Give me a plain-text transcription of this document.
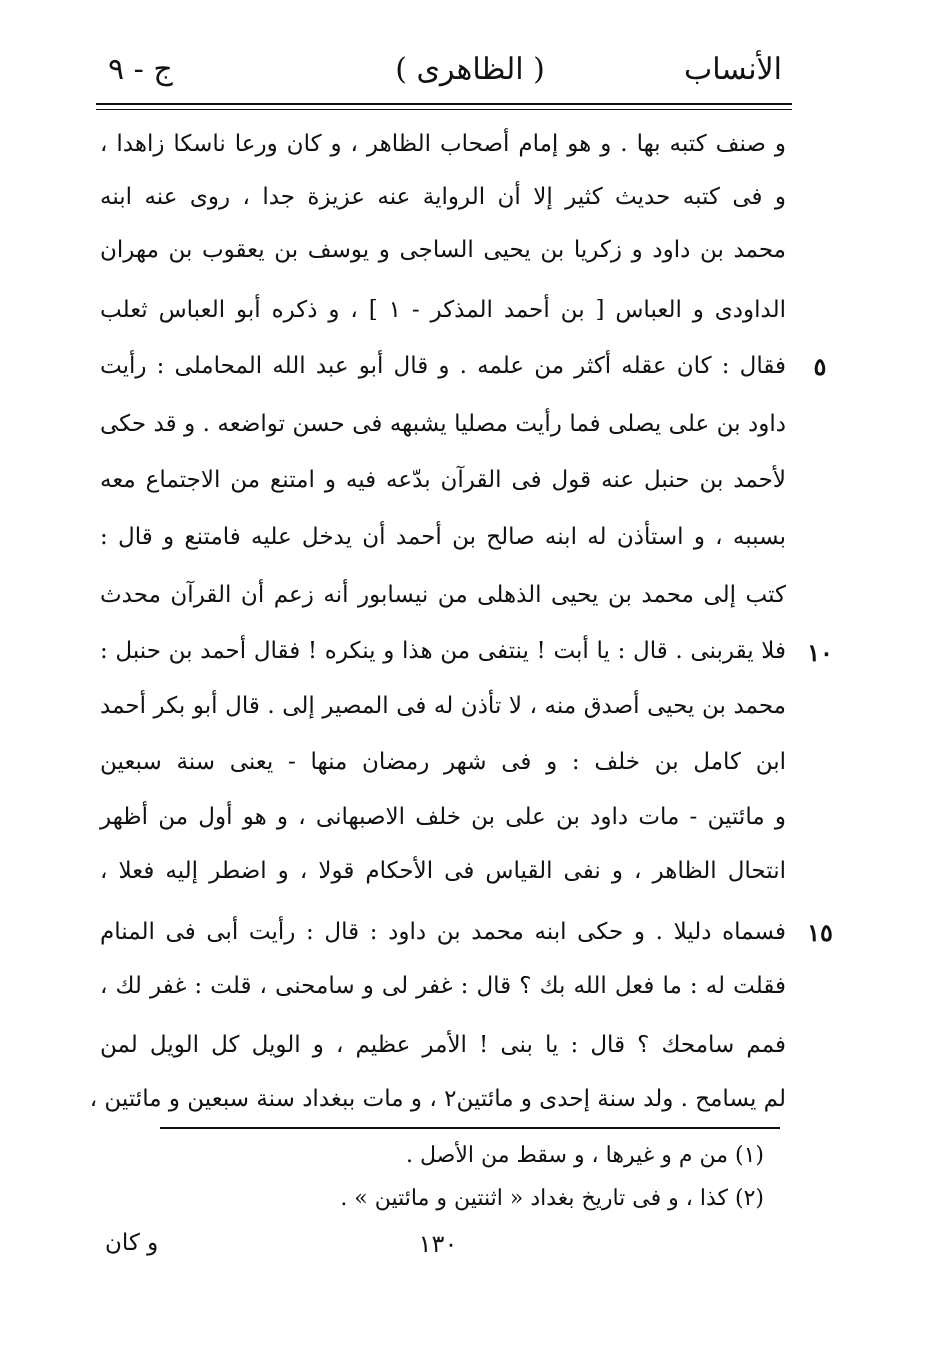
ج - ٩	( الظاهرى )	الأنساب
و صنف كتبه بها . و هو إمام أصحاب الظاهر ، و كان ورعا ناسكا زاهدا ،
و فى كتبه حديث كثير إلا أن الرواية عنه عزيزة جدا ، روى عنه ابنه
محمد بن داود و زكريا بن يحيى الساجى و يوسف بن يعقوب بن مهران
الداودى و العباس [ بن أحمد المذكر - ١ ] ، و ذكره أبو العباس ثعلب
فقال : كان عقله أكثر من علمه . و قال أبو عبد الله المحاملى : رأيت
داود بن على يصلى فما رأيت مصليا يشبهه فى حسن تواضعه . و قد حكى
لأحمد بن حنبل عنه قول فى القرآن بدّعه فيه و امتنع من الاجتماع معه
بسببه ، و استأذن له ابنه صالح بن أحمد أن يدخل عليه فامتنع و قال :
كتب إلى محمد بن يحيى الذهلى من نيسابور أنه زعم أن القرآن محدث
فلا يقربنى . قال : يا أبت ! ينتفى من هذا و ينكره ! فقال أحمد بن حنبل :
محمد بن يحيى أصدق منه ، لا تأذن له فى المصير إلى . قال أبو بكر أحمد
ابن كامل بن خلف : و فى شهر رمضان منها - يعنى سنة سبعين
و مائتين - مات داود بن على بن خلف الاصبهانى ، و هو أول من أظهر
انتحال الظاهر ، و نفى القياس فى الأحكام قولا ، و اضطر إليه فعلا ،
فسماه دليلا . و حكى ابنه محمد بن داود : قال : رأيت أبى فى المنام
فقلت له : ما فعل الله بك ؟ قال : غفر لى و سامحنى ، قلت : غفر لك ،
فمم سامحك ؟ قال : يا بنى ! الأمر عظيم ، و الويل كل الويل لمن
لم يسامح . ولد سنة إحدى و مائتين٢ ، و مات ببغداد سنة سبعين و مائتين ،
٥
١٠
١٥
(١) من م و غيرها ، و سقط من الأصل .
(٢) كذا ، و فى تاريخ بغداد « اثنتين و مائتين » .
و كان	١٣٠
